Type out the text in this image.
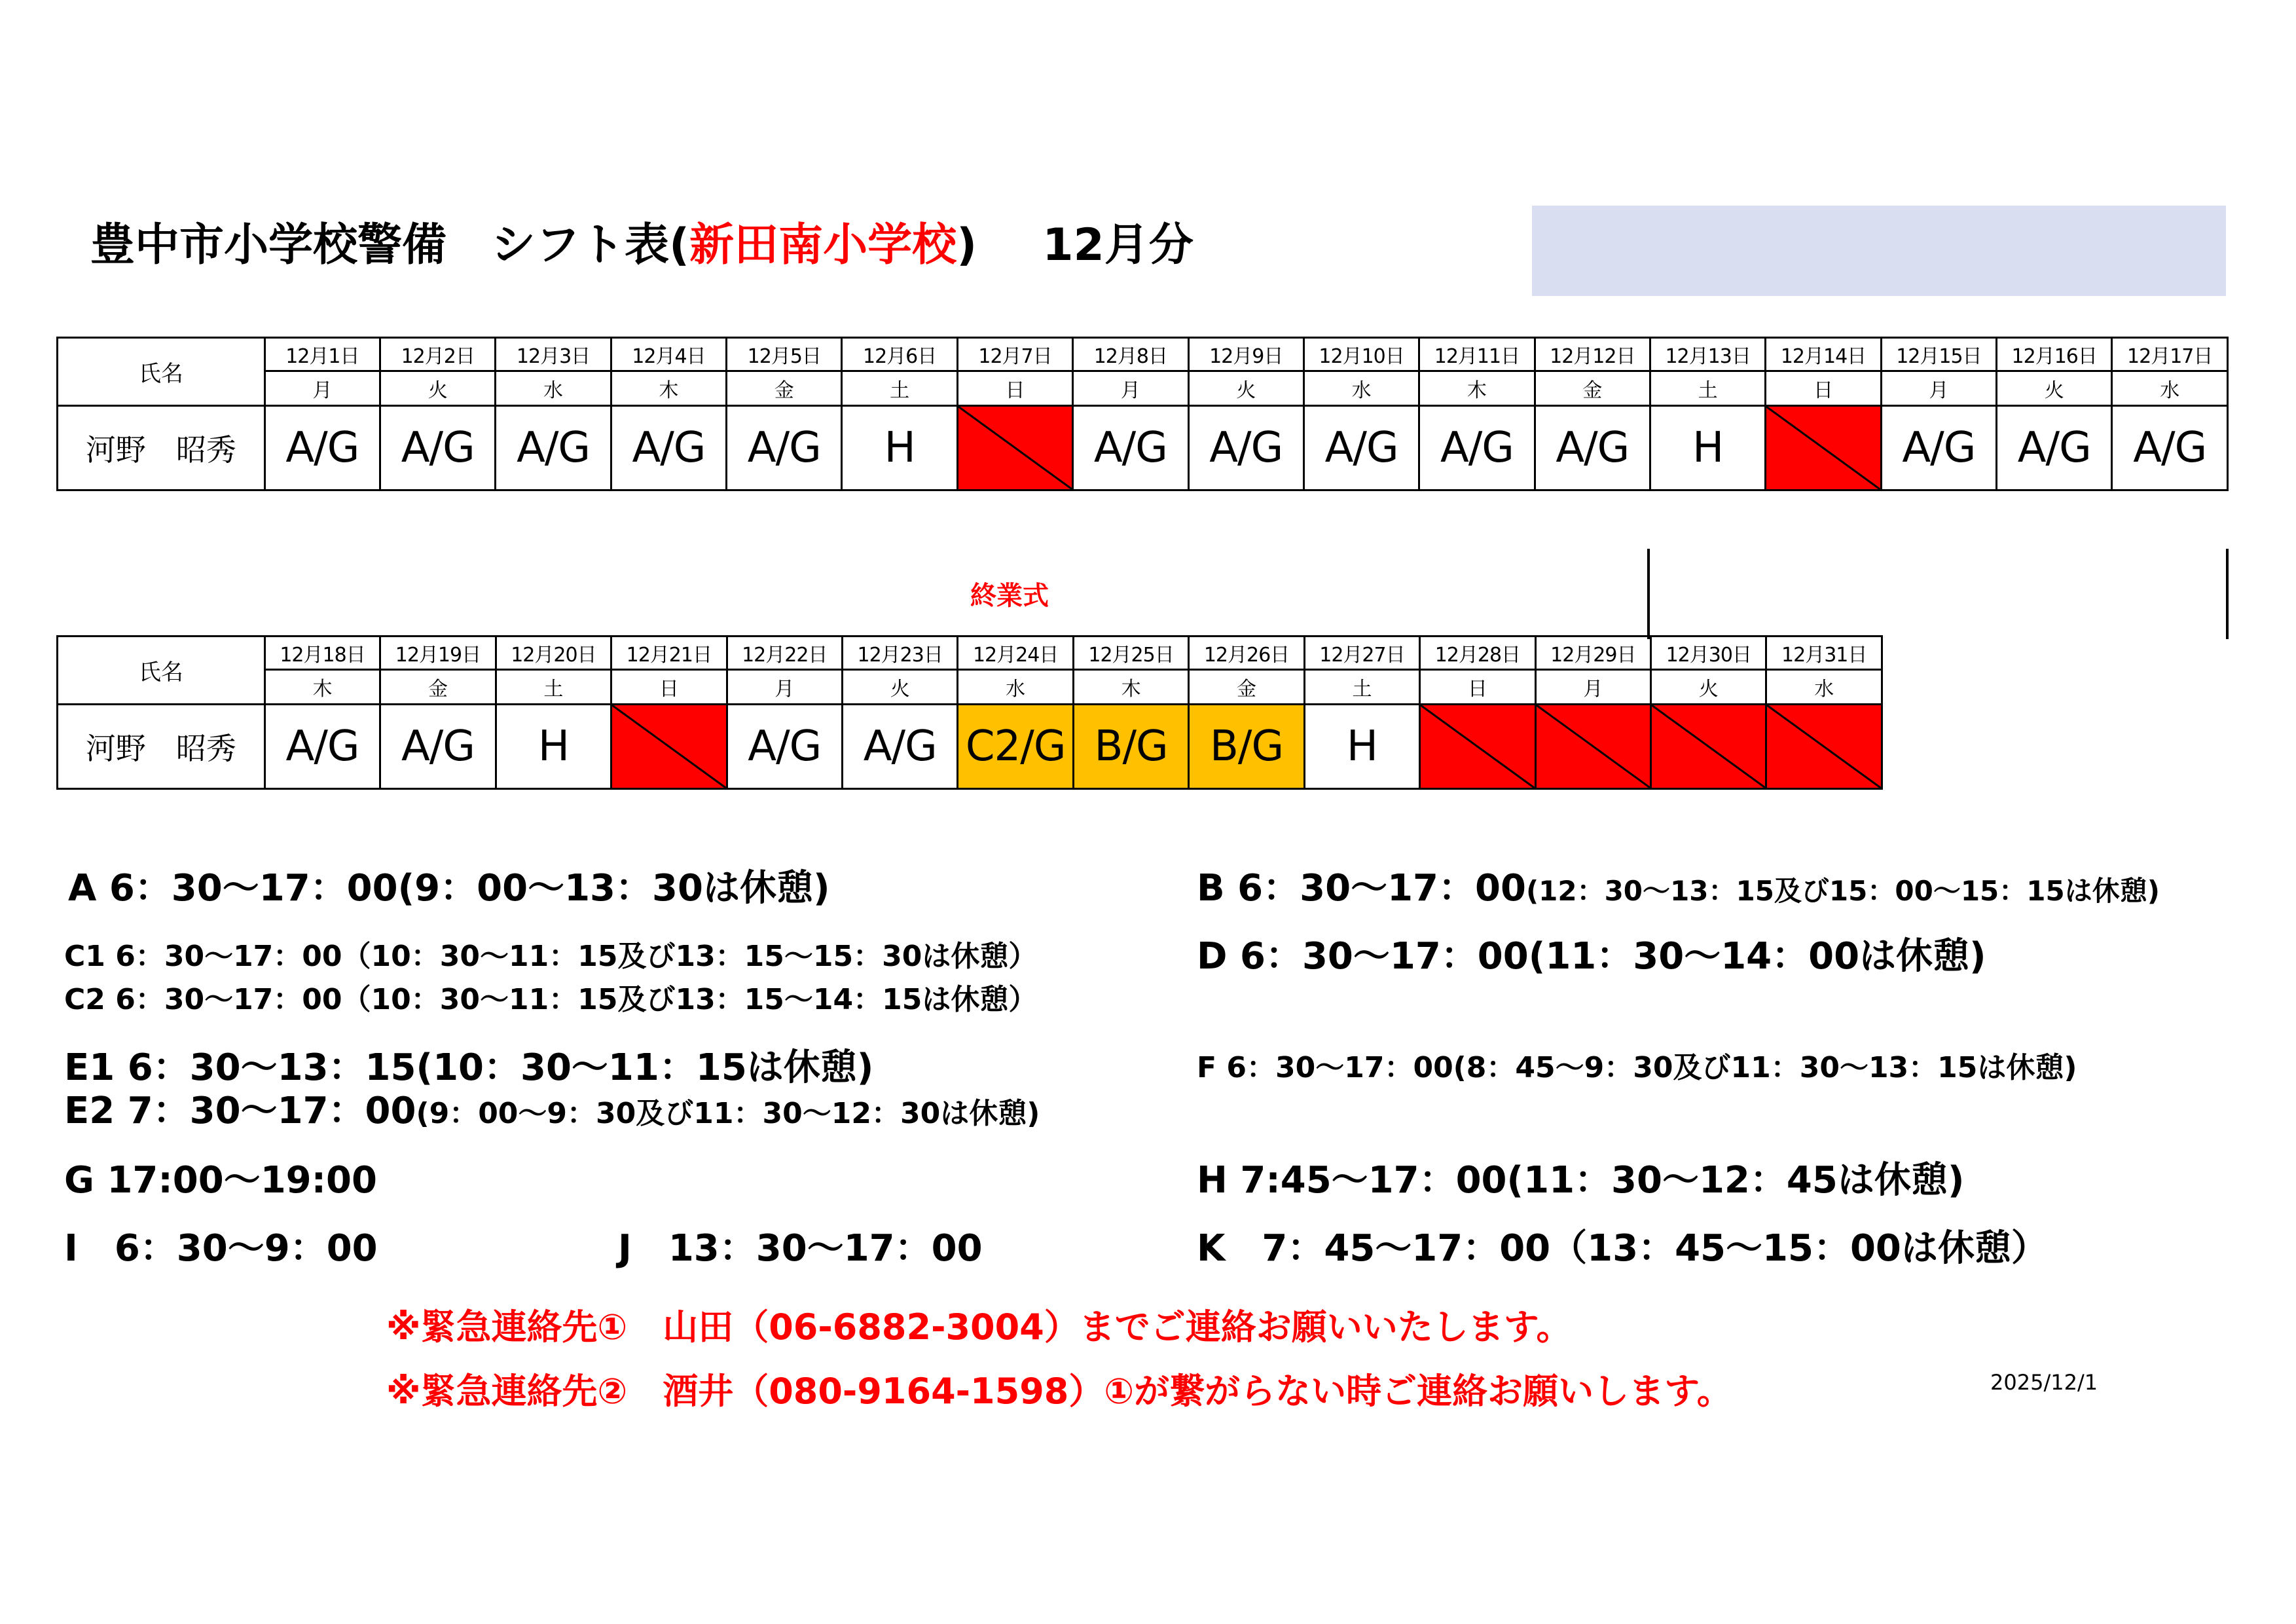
豊中市小学校警備　シフト表(新田南小学校) 12月分
氏名	12月1日	12月2日	12月3日	12月4日	12月5日	12月6日	12月7日	12月8日	12月9日	12月10日	12月11日	12月12日	12月13日	12月14日	12月15日	12月16日	12月17日
	月	火	水	木	金	土	日	月	火	水	木	金	土	日	月	火	水
河野　昭秀	A/G	A/G	A/G	A/G	A/G	H		A/G	A/G	A/G	A/G	A/G	H		A/G	A/G	A/G
終業式
氏名	12月18日	12月19日	12月20日	12月21日	12月22日	12月23日	12月24日	12月25日	12月26日	12月27日	12月28日	12月29日	12月30日	12月31日
	木	金	土	日	月	火	水	木	金	土	日	月	火	水
河野　昭秀	A/G	A/G	H		A/G	A/G	C2/G	B/G	B/G	H	

A 6：30～17：00(9：00～13：30は休憩)	B 6：30～17：00(12：30～13：15及び15：00～15：15は休憩)
C1 6：30～17：00（10：30～11：15及び13：15～15：30は休憩）
C2 6：30～17：00（10：30～11：15及び13：15～14：15は休憩）
D 6：30～17：00(11：30～14：00は休憩)
E1 6：30～13：15(10：30～11：15は休憩)
E2 7：30～17：00(9：00～9：30及び11：30～12：30は休憩)
F 6：30～17：00(8：45～9：30及び11：30～13：15は休憩)
G 17:00～19:00	H 7:45～17：00(11：30～12：45は休憩)
I　6：30～9：00	J　13：30～17：00	K　7：45～17：00（13：45～15：00は休憩）
※緊急連絡先①　山田（06-6882-3004）までご連絡お願いいたします。
※緊急連絡先②　酒井（080-9164-1598）①が繋がらない時ご連絡お願いします。	2025/12/1
